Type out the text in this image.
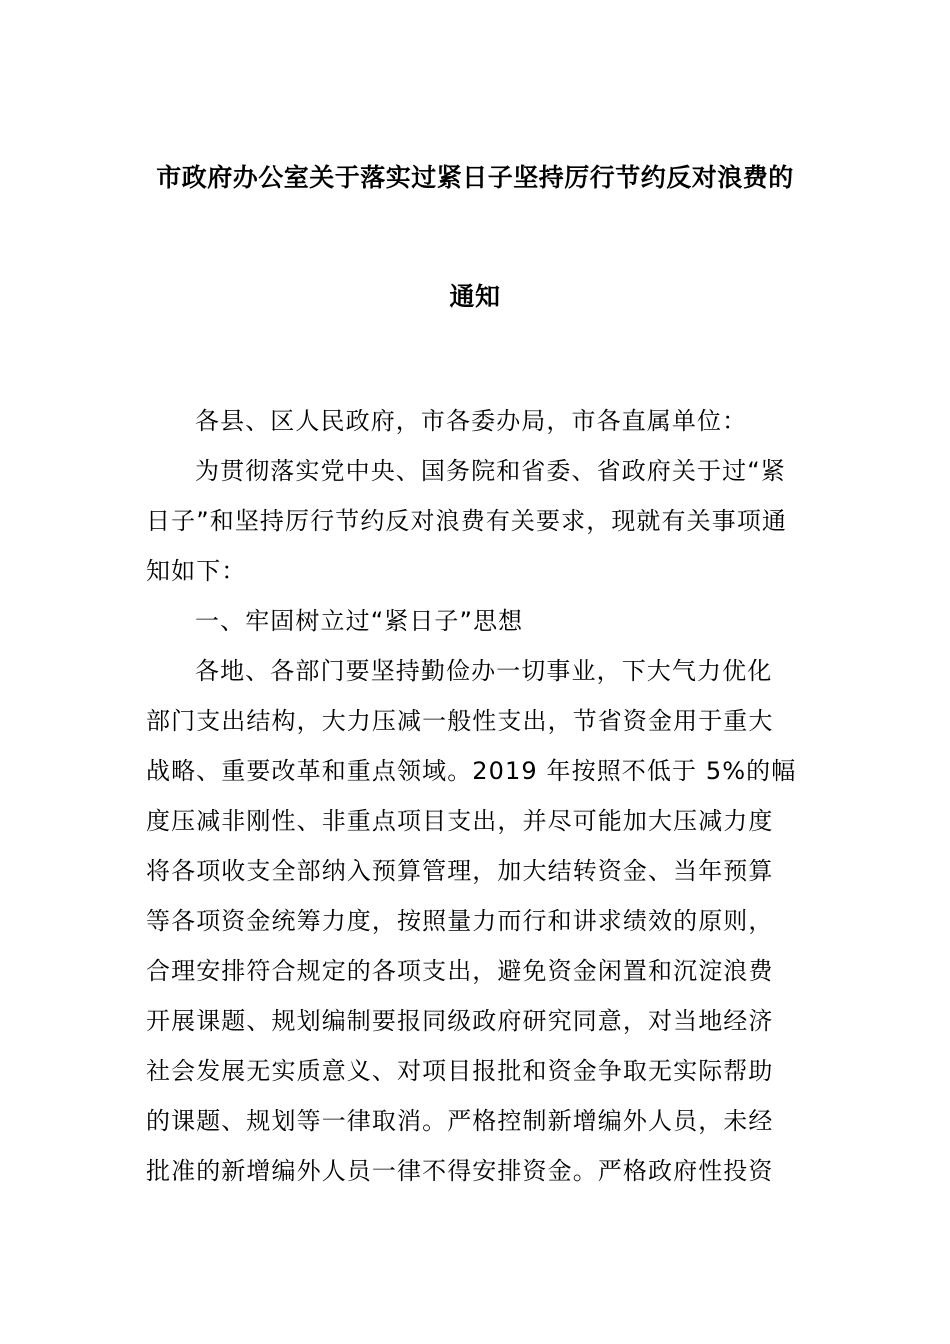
市政府办公室关于落实过紧日子坚持厉行节约反对浪费的
通知
各县、区人民政府，市各委办局，市各直属单位：
为贯彻落实党中央、国务院和省委、省政府关于过“紧
日子”和坚持厉行节约反对浪费有关要求，现就有关事项通
知如下：
一、牢固树立过“紧日子”思想
各地、各部门要坚持勤俭办一切事业，下大气力优化
部门支出结构，大力压减一般性支出，节省资金用于重大
战略、重要改革和重点领域。2019 年按照不低于 5%的幅
度压减非刚性、非重点项目支出，并尽可能加大压减力度
将各项收支全部纳入预算管理，加大结转资金、当年预算
等各项资金统筹力度，按照量力而行和讲求绩效的原则，
合理安排符合规定的各项支出，避免资金闲置和沉淀浪费
开展课题、规划编制要报同级政府研究同意，对当地经济
社会发展无实质意义、对项目报批和资金争取无实际帮助
的课题、规划等一律取消。严格控制新增编外人员，未经
批准的新增编外人员一律不得安排资金。严格政府性投资
